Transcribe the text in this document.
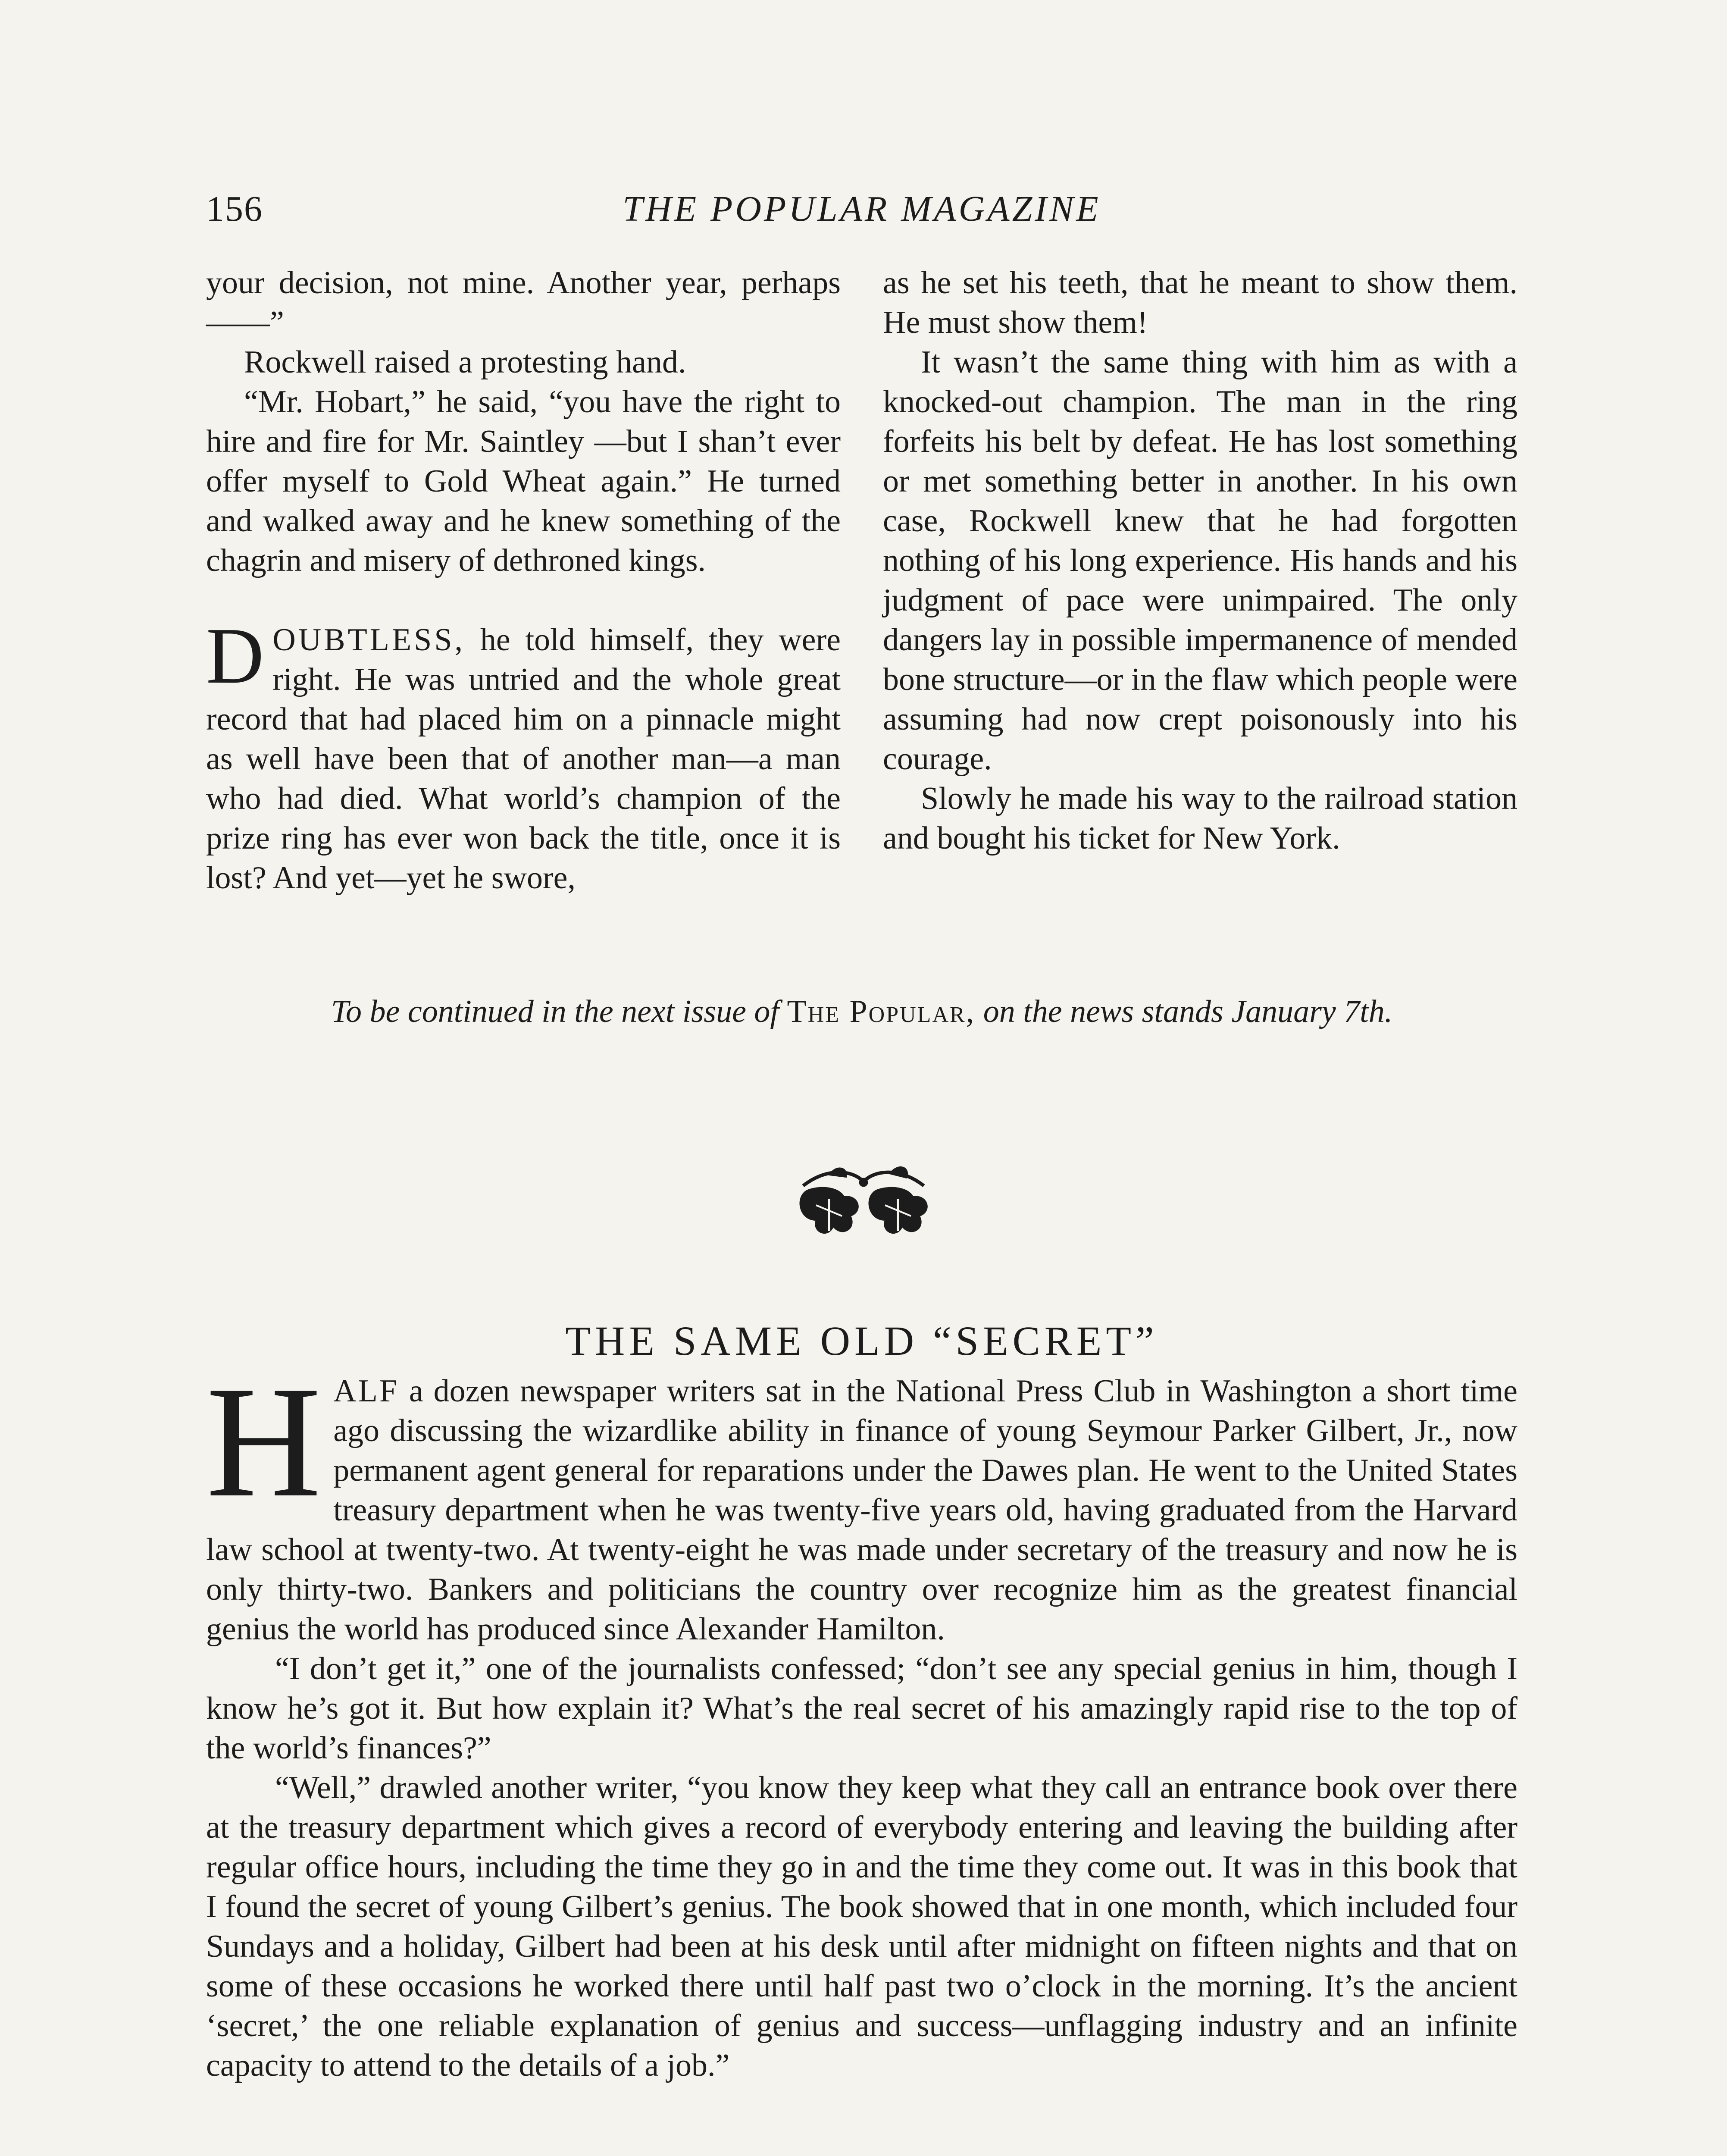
156	THE POPULAR MAGAZINE

your decision, not mine. Another year, perhaps——”

Rockwell raised a protesting hand.

“Mr. Hobart,” he said, “you have the right to hire and fire for Mr. Saintley —but I shan’t ever offer myself to Gold Wheat again.” He turned and walked away and he knew something of the chagrin and misery of dethroned kings.

DOUBTLESS, he told himself, they were right. He was untried and the whole great record that had placed him on a pinnacle might as well have been that of another man—a man who had died. What world’s champion of the prize ring has ever won back the title, once it is lost? And yet—yet he swore,

as he set his teeth, that he meant to show them. He must show them!

It wasn’t the same thing with him as with a knocked-out champion. The man in the ring forfeits his belt by defeat. He has lost something or met something better in another. In his own case, Rockwell knew that he had forgotten nothing of his long experience. His hands and his judgment of pace were unimpaired. The only dangers lay in possible impermanence of mended bone structure—or in the flaw which people were assuming had now crept poisonously into his courage.

Slowly he made his way to the railroad station and bought his ticket for New York.

To be continued in the next issue of The Popular, on the news stands January 7th.
THE SAME OLD “SECRET”

HALF a dozen newspaper writers sat in the National Press Club in Washington a short time ago discussing the wizardlike ability in finance of young Seymour Parker Gilbert, Jr., now permanent agent general for reparations under the Dawes plan. He went to the United States treasury department when he was twenty-five years old, having graduated from the Harvard law school at twenty-two. At twenty-eight he was made under secretary of the treasury and now he is only thirty-two. Bankers and politicians the country over recognize him as the greatest financial genius the world has produced since Alexander Hamilton.

“I don’t get it,” one of the journalists confessed; “don’t see any special genius in him, though I know he’s got it. But how explain it? What’s the real secret of his amazingly rapid rise to the top of the world’s finances?”

“Well,” drawled another writer, “you know they keep what they call an entrance book over there at the treasury department which gives a record of everybody entering and leaving the building after regular office hours, including the time they go in and the time they come out. It was in this book that I found the secret of young Gilbert’s genius. The book showed that in one month, which included four Sundays and a holiday, Gilbert had been at his desk until after midnight on fifteen nights and that on some of these occasions he worked there until half past two o’clock in the morning. It’s the ancient ‘secret,’ the one reliable explanation of genius and success—unflagging industry and an infinite capacity to attend to the details of a job.”
